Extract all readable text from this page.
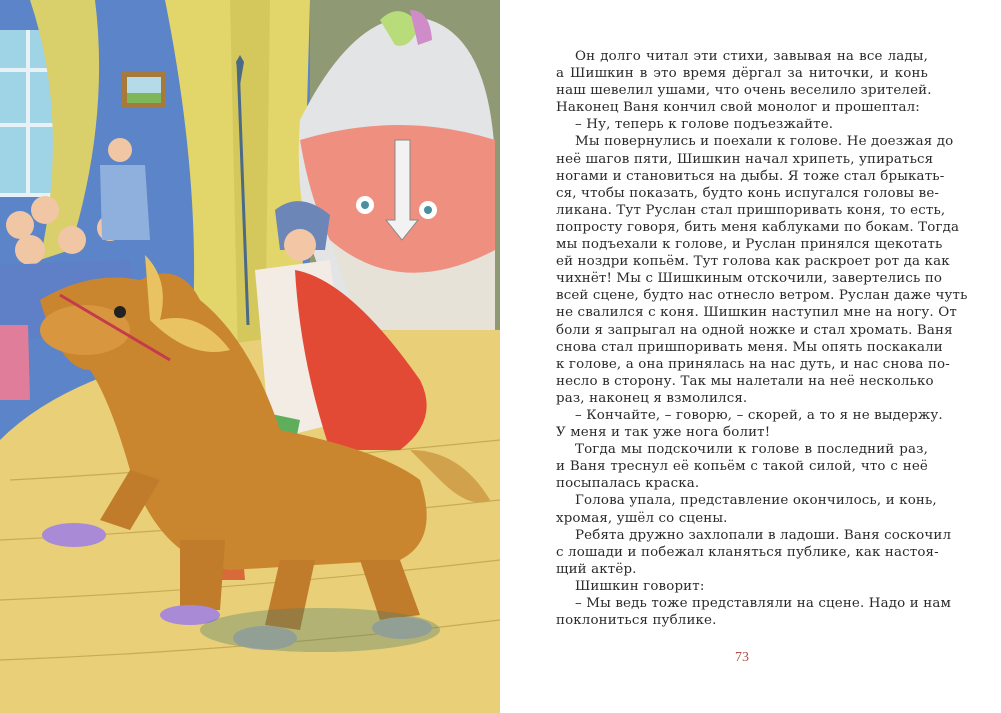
Он долго читал эти стихи, завывая на все лады,
а Шишкин в это время дёргал за ниточки, и конь
наш шевелил ушами, что очень веселило зрителей.
Наконец Ваня кончил свой монолог и прошептал:
– Ну, теперь к голове подъезжайте.
Мы повернулись и поехали к голове. Не доезжая до
неё шагов пяти, Шишкин начал хрипеть, упираться
ногами и становиться на дыбы. Я тоже стал брыкать-
ся, чтобы показать, будто конь испугался головы ве-
ликана. Тут Руслан стал пришпоривать коня, то есть,
попросту говоря, бить меня каблуками по бокам. Тогда
мы подъехали к голове, и Руслан принялся щекотать
ей ноздри копьём. Тут голова как раскроет рот да как
чихнёт! Мы с Шишкиным отскочили, завертелись по
всей сцене, будто нас отнесло ветром. Руслан даже чуть
не свалился с коня. Шишкин наступил мне на ногу. От
боли я запрыгал на одной ножке и стал хромать. Ваня
снова стал пришпоривать меня. Мы опять поскакали
к голове, а она принялась на нас дуть, и нас снова по-
несло в сторону. Так мы налетали на неё несколько
раз, наконец я взмолился.
– Кончайте, – говорю, – скорей, а то я не выдержу.
У меня и так уже нога болит!
Тогда мы подскочили к голове в последний раз,
и Ваня треснул её копьём с такой силой, что с неё
посыпалась краска.
Голова упала, представление окончилось, и конь,
хромая, ушёл со сцены.
Ребята дружно захлопали в ладоши. Ваня соскочил
с лошади и побежал кланяться публике, как настоя-
щий актёр.
Шишкин говорит:
– Мы ведь тоже представляли на сцене. Надо и нам
поклониться публике.
73
